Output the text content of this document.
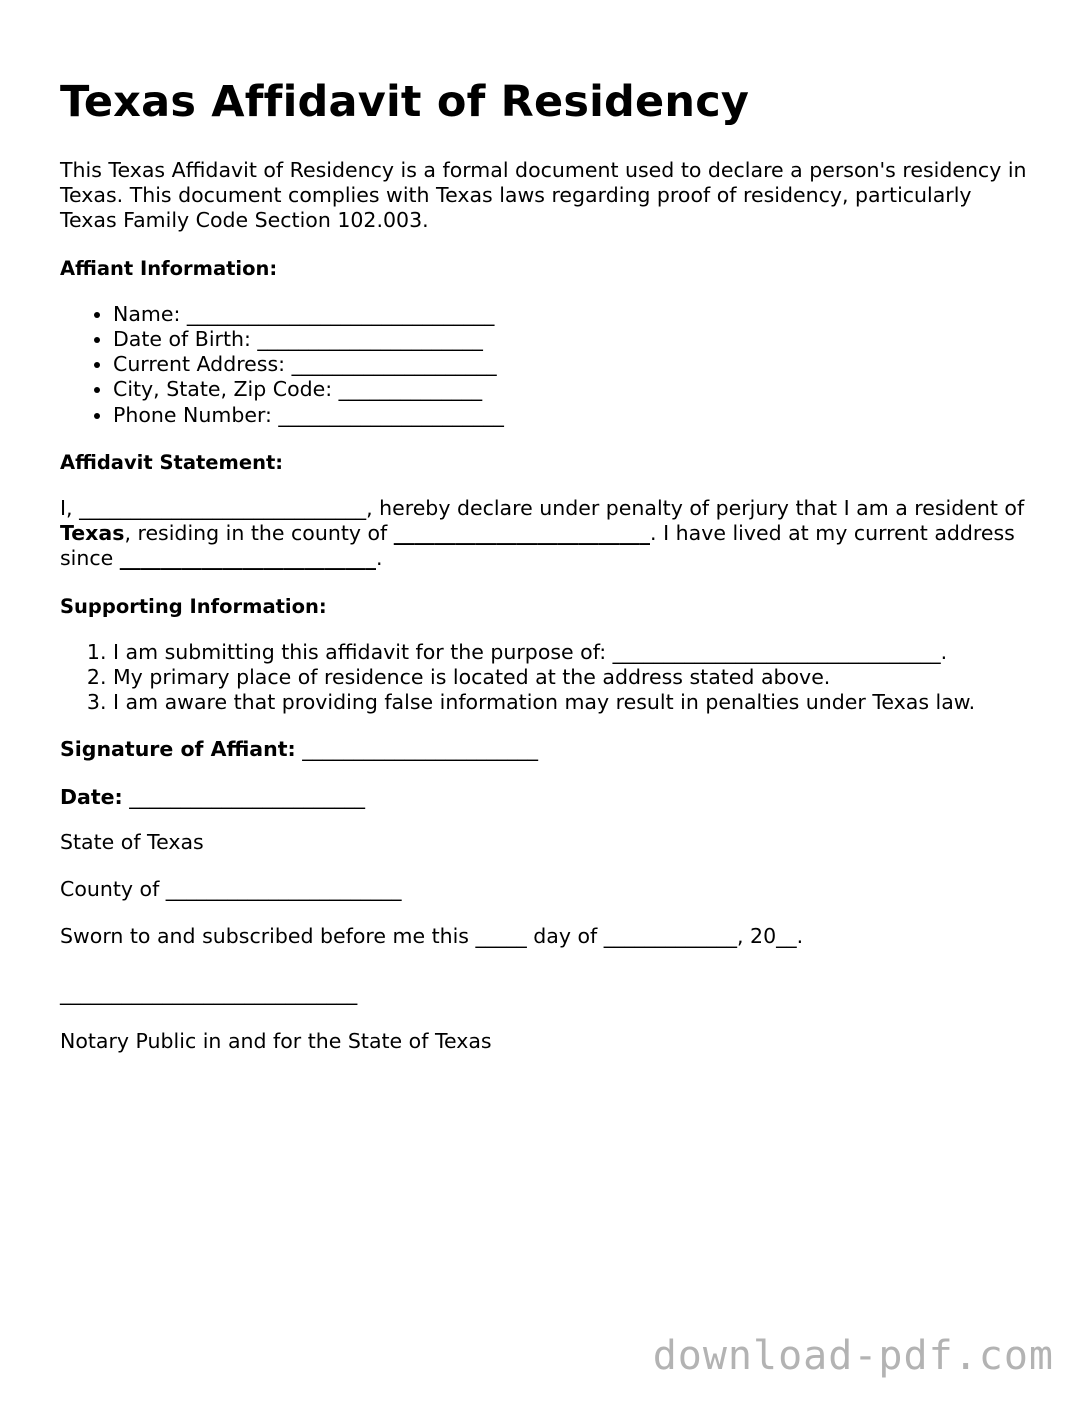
Texas Affidavit of Residency

This Texas Affidavit of Residency is a formal document used to declare a person's residency in Texas. This document complies with Texas laws regarding proof of residency, particularly Texas Family Code Section 102.003.

Affiant Information:

• Name: ______________________________
• Date of Birth: ______________________
• Current Address: ____________________
• City, State, Zip Code: ______________
• Phone Number: ______________________

Affidavit Statement:

I, ____________________________, hereby declare under penalty of perjury that I am a resident of Texas, residing in the county of _________________________. I have lived at my current address since _________________________.

Supporting Information:

1. I am submitting this affidavit for the purpose of: ________________________________.
2. My primary place of residence is located at the address stated above.
3. I am aware that providing false information may result in penalties under Texas law.

Signature of Affiant: _______________________

Date: _______________________

State of Texas

County of _______________________

Sworn to and subscribed before me this _____ day of _____________, 20__.

_____________________________

Notary Public in and for the State of Texas

download-pdf.com
